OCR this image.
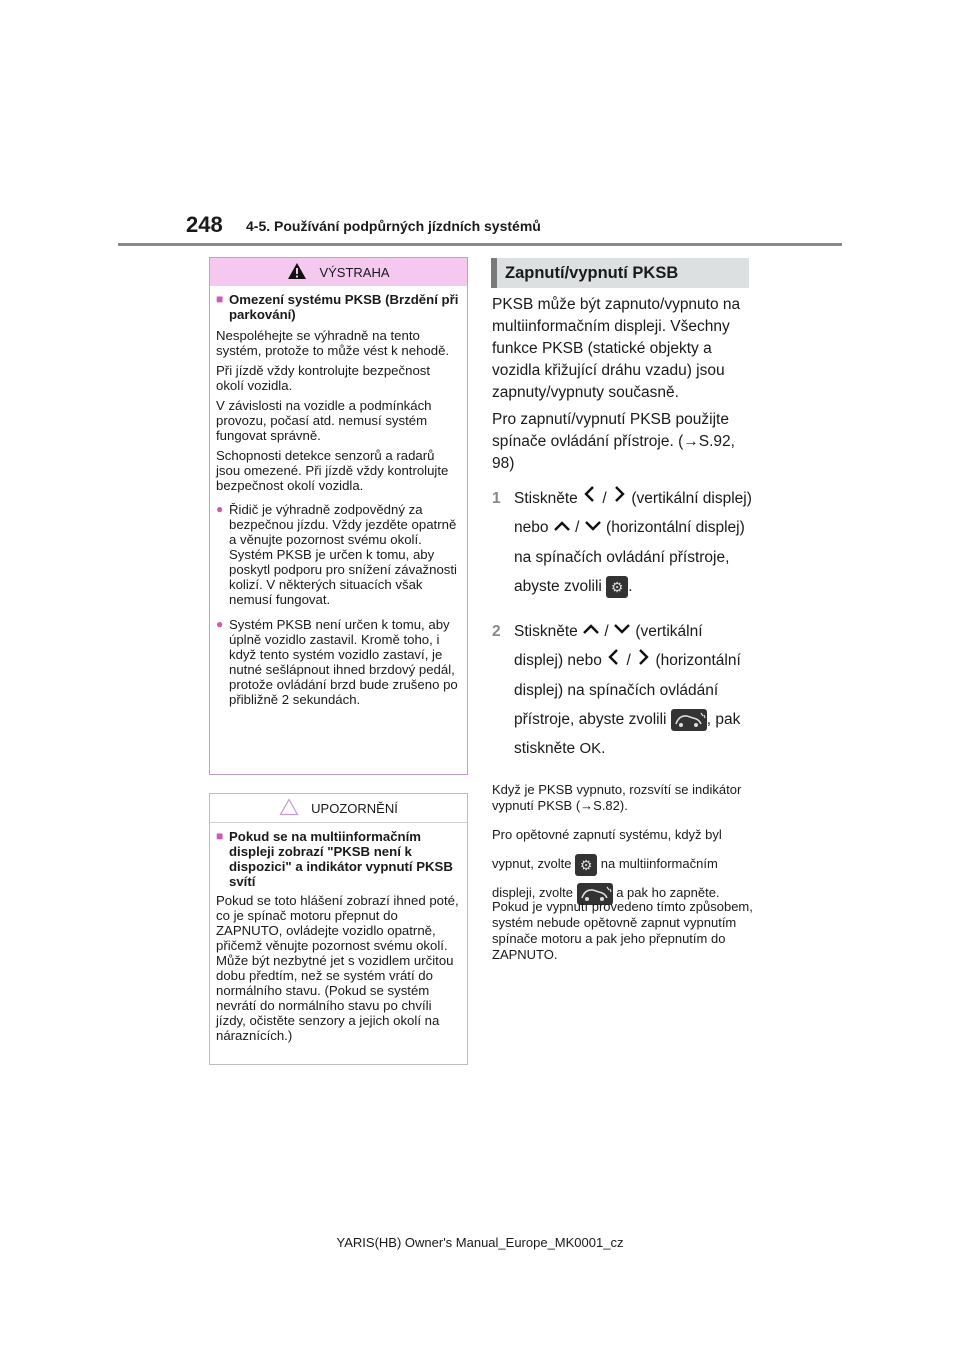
248 4-5. Používání podpůrných jízdních systémů
VÝSTRAHA
■ Omezení systému PKSB (Brzdění při parkování)

Nespoléhejte se výhradně na tento systém, protože to může vést k nehodě.

Při jízdě vždy kontrolujte bezpečnost okolí vozidla.

V závislosti na vozidle a podmínkách provozu, počasí atd. nemusí systém fungovat správně.

Schopnosti detekce senzorů a radarů jsou omezené. Při jízdě vždy kontrolujte bezpečnost okolí vozidla.

● Řidič je výhradně zodpovědný za bezpečnou jízdu. Vždy jezděte opatrně a věnujte pozornost svému okolí. Systém PKSB je určen k tomu, aby poskytl podporu pro snížení závažnosti kolizí. V některých situacích však nemusí fungovat.
● Systém PKSB není určen k tomu, aby úplně vozidlo zastavil. Kromě toho, i když tento systém vozidlo zastaví, je nutné sešlápnout ihned brzdový pedál, protože ovládání brzd bude zrušeno po přibližně 2 sekundách.
UPOZORNĚNÍ
■ Pokud se na multiinformačním displeji zobrazí "PKSB není k dispozici" a indikátor vypnutí PKSB svítí

Pokud se toto hlášení zobrazí ihned poté, co je spínač motoru přepnut do ZAPNUTO, ovládejte vozidlo opatrně, přičemž věnujte pozornost svému okolí. Může být nezbytné jet s vozidlem určitou dobu předtím, než se systém vrátí do normálního stavu. (Pokud se systém nevrátí do normálního stavu po chvíli jízdy, očistěte senzory a jejich okolí na náraznících.)

Zapnutí/vypnutí PKSB
PKSB může být zapnuto/vypnuto na multiinformačním displeji. Všechny funkce PKSB (statické objekty a vozidla křižující dráhu vzadu) jsou zapnuty/vypnuty současně.
Pro zapnutí/vypnutí PKSB použijte spínače ovládání přístroje. (→S.92, 98)
1 Stiskněte  /  (vertikální displej) nebo  /  (horizontální displej) na spínačích ovládání přístroje, abyste zvolili ⚙ .
2 Stiskněte  /  (vertikální displej) nebo  /  (horizontální displej) na spínačích ovládání přístroje, abyste zvolili	, pak stiskněte OK.
Když je PKSB vypnuto, rozsvítí se indikátor vypnutí PKSB (→S.82).
Pro opětovné zapnutí systému, když byl vypnut, zvolte ⚙ na multiinformačním displeji, zvolte	a pak ho zapněte.
Pokud je vypnutí provedeno tímto způsobem, systém nebude opětovně zapnut vypnutím spínače motoru a pak jeho přepnutím do ZAPNUTO.
YARIS(HB) Owner's Manual_Europe_MK0001_cz
